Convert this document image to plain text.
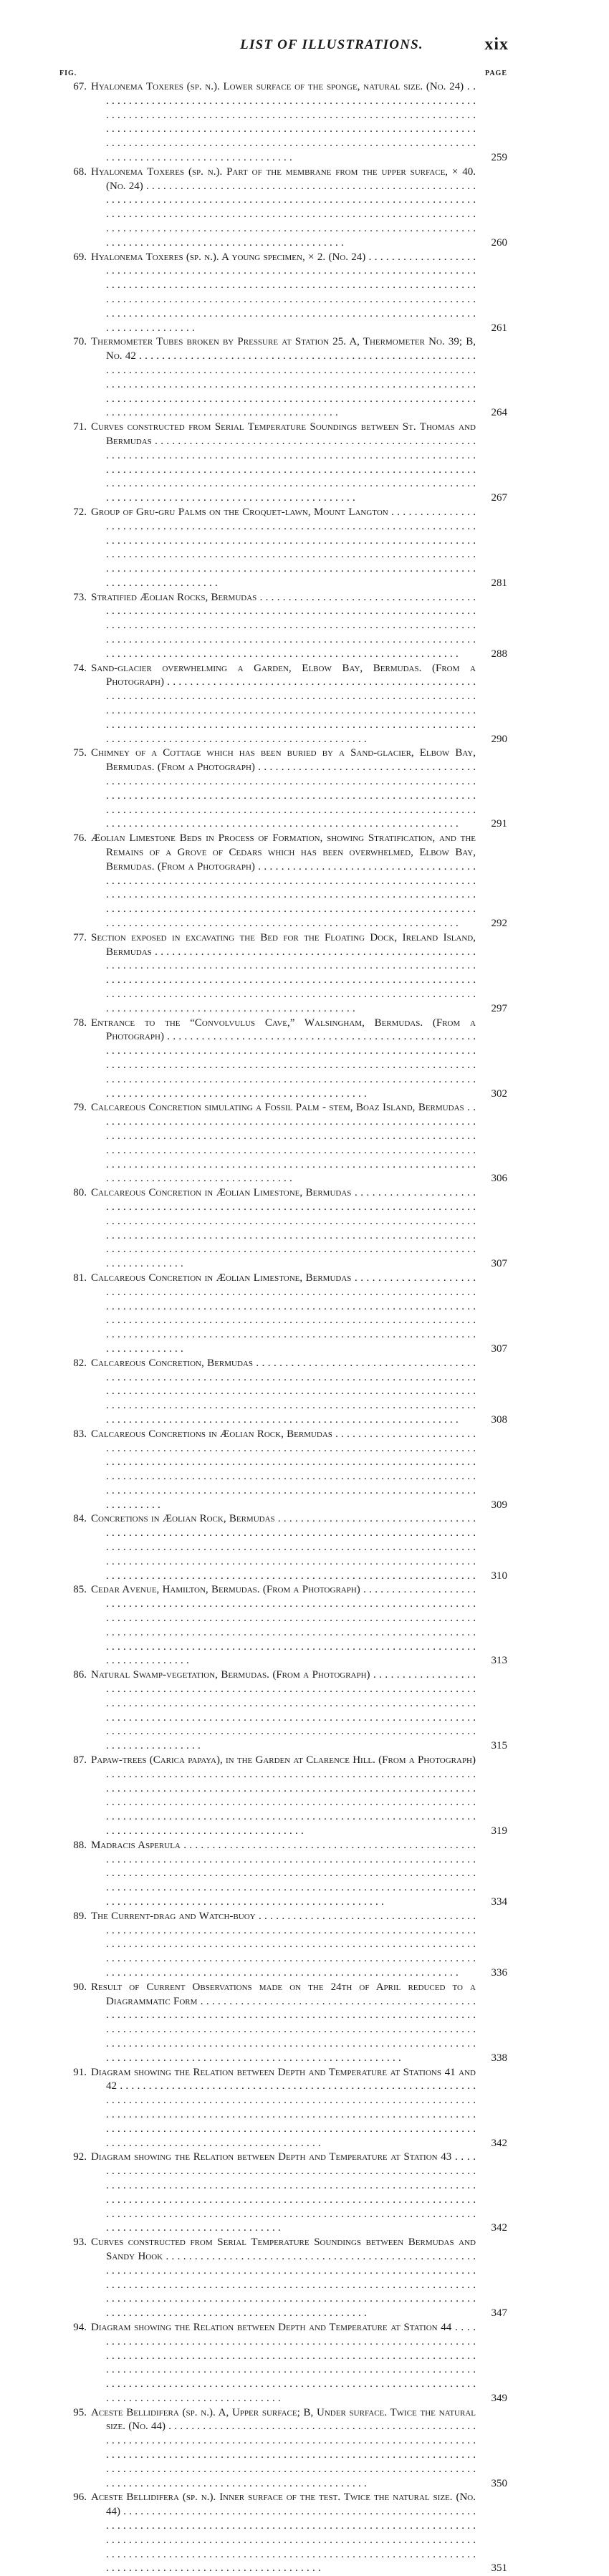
LIST OF ILLUSTRATIONS.	xix
FIG.	PAGE
67. Hyalonema Toxeres (sp. n.). Lower surface of the sponge, natural size. (No. 24) . . .
259
68. Hyalonema Toxeres (sp. n.). Part of the membrane from the upper surface, × 40. (No. 24) . . .
260
69. Hyalonema Toxeres (sp. n.). A young specimen, × 2. (No. 24) . . .
261
70. Thermometer Tubes broken by Pressure at Station 25. A, Thermometer No. 39; B, No. 42 . . .
264
71. Curves constructed from Serial Temperature Soundings between St. Thomas and Bermudas . . .
267
72. Group of Gru-gru Palms on the Croquet-lawn, Mount Langton . . .
281
73. Stratified Æolian Rocks, Bermudas . . .
288
74. Sand-glacier overwhelming a Garden, Elbow Bay, Bermudas. (From a Photograph) . . .
290
75. Chimney of a Cottage which has been buried by a Sand-glacier, Elbow Bay, Bermudas. (From a Photograph) . . .
291
76. Æolian Limestone Beds in Process of Formation, showing Stratification, and the Remains of a Grove of Cedars which has been overwhelmed, Elbow Bay, Bermudas. (From a Photograph) . . .
292
77. Section exposed in excavating the Bed for the Floating Dock, Ireland Island, Bermudas . . .
297
78. Entrance to the “Convolvulus Cave,” Walsingham, Bermudas. (From a Photograph) . . .
302
79. Calcareous Concretion simulating a Fossil Palm - stem, Boaz Island, Bermudas . . .
306
80. Calcareous Concretion in Æolian Limestone, Bermudas . . .
307
81. Calcareous Concretion in Æolian Limestone, Bermudas . . .
307
82. Calcareous Concretion, Bermudas . . .
308
83. Calcareous Concretions in Æolian Rock, Bermudas . . .
309
84. Concretions in Æolian Rock, Bermudas . . .
310
85. Cedar Avenue, Hamilton, Bermudas. (From a Photograph) . . .
313
86. Natural Swamp-vegetation, Bermudas. (From a Photograph) . . .
315
87. Papaw-trees (Carica papaya), in the Garden at Clarence Hill. (From a Photograph) . . .
319
88. Madracis Asperula . . .
334
89. The Current-drag and Watch-buoy . . .
336
90. Result of Current Observations made on the 24th of April reduced to a Diagrammatic Form . . .
338
91. Diagram showing the Relation between Depth and Temperature at Stations 41 and 42 . . .
342
92. Diagram showing the Relation between Depth and Temperature at Station 43 . . .
342
93. Curves constructed from Serial Temperature Soundings between Bermudas and Sandy Hook . . .
347
94. Diagram showing the Relation between Depth and Temperature at Station 44 . . .
349
95. Aceste Bellidifera (sp. n.). A, Upper surface; B, Under surface. Twice the natural size. (No. 44) . . .
350
96. Aceste Bellidifera (sp. n.). Inner surface of the test. Twice the natural size. (No. 44) . . .
351
